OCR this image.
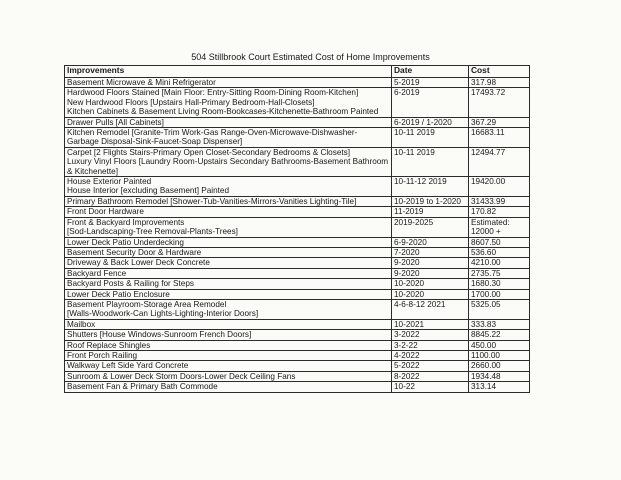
504 Stillbrook Court Estimated Cost of Home Improvements
Improvements	Date	Cost

Basement Microwave & Mini Refrigerator	5-2019	317.98

Hardwood Floors Stained [Main Floor: Entry-Sitting Room-Dining Room-Kitchen]
New Hardwood Floors [Upstairs Hall-Primary Bedroom-Hall-Closets]
Kitchen Cabinets & Basement Living Room-Bookcases-Kitchenette-Bathroom Painted	6-2019	17493.72

Drawer Pulls [All Cabinets]	6-2019 / 1-2020	367.29

Kitchen Remodel [Granite-Trim Work-Gas Range-Oven-Microwave-Dishwasher-Garbage Disposal-Sink-Faucet-Soap Dispenser]	10-11 2019	16683.11

Carpet [2 Flights Stairs-Primary Open Closet-Secondary Bedrooms & Closets]
Luxury Vinyl Floors [Laundry Room-Upstairs Secondary Bathrooms-Basement Bathroom & Kitchenette]	10-11 2019	12494.77

House Exterior Painted
House Interior [excluding Basement] Painted	10-11-12 2019	19420.00

Primary Bathroom Remodel [Shower-Tub-Vanities-Mirrors-Vanities Lighting-Tile]	10-2019 to 1-2020	31433.99

Front Door Hardware	11-2019	170.82

Front & Backyard Improvements
[Sod-Landscaping-Tree Removal-Plants-Trees]	2019-2025	Estimated: 12000 +

Lower Deck Patio Underdecking	6-9-2020	8607.50

Basement Security Door & Hardware	7-2020	536.60

Driveway & Back Lower Deck Concrete	9-2020	4210.00

Backyard Fence	9-2020	2735.75

Backyard Posts & Railing for Steps	10-2020	1680.30

Lower Deck Patio Enclosure	10-2020	1700.00

Basement Playroom-Storage Area Remodel
[Walls-Woodwork-Can Lights-Lighting-Interior Doors]	4-6-8-12 2021	5325.05

Mailbox	10-2021	333.83

Shutters [House Windows-Sunroom French Doors]	3-2022	8845.22

Roof Replace Shingles	3-2-22	450.00

Front Porch Railing	4-2022	1100.00

Walkway Left Side Yard Concrete	5-2022	2660.00

Sunroom & Lower Deck Storm Doors-Lower Deck Ceiling Fans	8-2022	1934.48

Basement Fan & Primary Bath Commode	10-22	313.14
